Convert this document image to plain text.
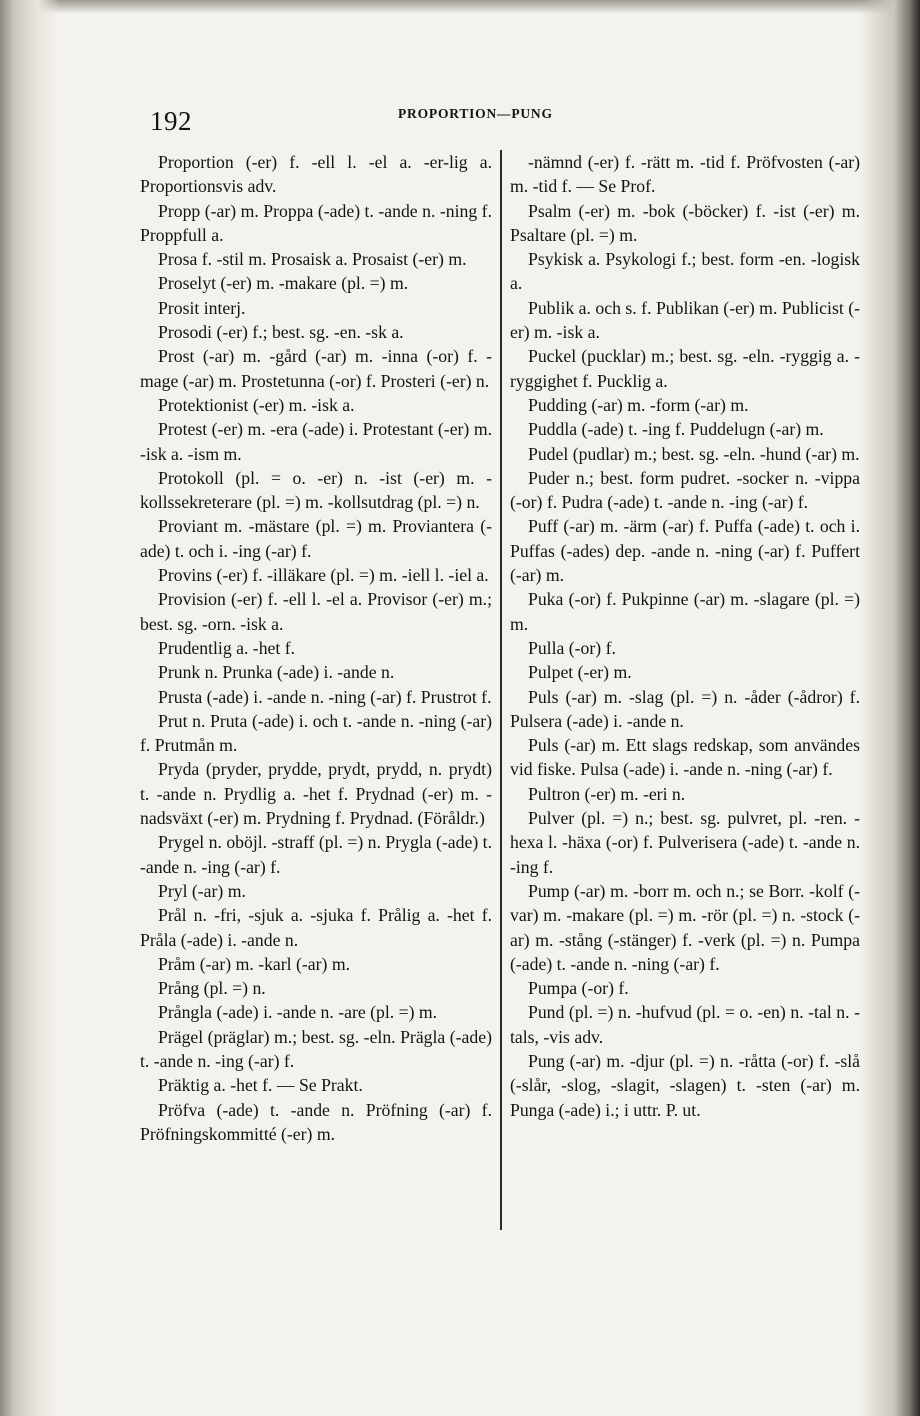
192	PROPORTION—PUNG

Proportion (-er) f. -ell l. -el a. -er-lig a. Proportionsvis adv.

Propp (-ar) m. Proppa (-ade) t. -ande n. -ning f. Proppfull a.

Prosa f. -stil m. Prosaisk a. Prosaist (-er) m.

Proselyt (-er) m. -makare (pl. =) m.

Prosit interj.

Prosodi (-er) f.; best. sg. -en. -sk a.

Prost (-ar) m. -gård (-ar) m. -inna (-or) f. -mage (-ar) m. Prostetunna (-or) f. Prosteri (-er) n.

Protektionist (-er) m. -isk a.

Protest (-er) m. -era (-ade) i. Protestant (-er) m. -isk a. -ism m.

Protokoll (pl. = o. -er) n. -ist (-er) m. -kollssekreterare (pl. =) m. -kollsutdrag (pl. =) n.

Proviant m. -mästare (pl. =) m. Proviantera (-ade) t. och i. -ing (-ar) f.

Provins (-er) f. -illäkare (pl. =) m. -iell l. -iel a.

Provision (-er) f. -ell l. -el a. Provisor (-er) m.; best. sg. -orn. -isk a.

Prudentlig a. -het f.

Prunk n. Prunka (-ade) i. -ande n.

Prusta (-ade) i. -ande n. -ning (-ar) f. Prustrot f.

Prut n. Pruta (-ade) i. och t. -ande n. -ning (-ar) f. Prutmån m.

Pryda (pryder, prydde, prydt, prydd, n. prydt) t. -ande n. Prydlig a. -het f. Prydnad (-er) m. -nadsväxt (-er) m. Prydning f. Prydnad. (Föråldr.)

Prygel n. oböjl. -straff (pl. =) n. Prygla (-ade) t. -ande n. -ing (-ar) f.

Pryl (-ar) m.

Prål n. -fri, -sjuk a. -sjuka f. Prålig a. -het f. Pråla (-ade) i. -ande n.

Pråm (-ar) m. -karl (-ar) m.

Prång (pl. =) n.

Prångla (-ade) i. -ande n. -are (pl. =) m.

Prägel (präglar) m.; best. sg. -eln. Prägla (-ade) t. -ande n. -ing (-ar) f.

Präktig a. -het f. — Se Prakt.

Pröfva (-ade) t. -ande n. Pröfning (-ar) f. Pröfningskommitté (-er) m.

-nämnd (-er) f. -rätt m. -tid f. Pröfvosten (-ar) m. -tid f. — Se Prof.

Psalm (-er) m. -bok (-böcker) f. -ist (-er) m. Psaltare (pl. =) m.

Psykisk a. Psykologi f.; best. form -en. -logisk a.

Publik a. och s. f. Publikan (-er) m. Publicist (-er) m. -isk a.

Puckel (pucklar) m.; best. sg. -eln. -ryggig a. -ryggighet f. Pucklig a.

Pudding (-ar) m. -form (-ar) m.

Puddla (-ade) t. -ing f. Puddelugn (-ar) m.

Pudel (pudlar) m.; best. sg. -eln. -hund (-ar) m.

Puder n.; best. form pudret. -socker n. -vippa (-or) f. Pudra (-ade) t. -ande n. -ing (-ar) f.

Puff (-ar) m. -ärm (-ar) f. Puffa (-ade) t. och i. Puffas (-ades) dep. -ande n. -ning (-ar) f. Puffert (-ar) m.

Puka (-or) f. Pukpinne (-ar) m. -slagare (pl. =) m.

Pulla (-or) f.

Pulpet (-er) m.

Puls (-ar) m. -slag (pl. =) n. -åder (-ådror) f. Pulsera (-ade) i. -ande n.

Puls (-ar) m. Ett slags redskap, som användes vid fiske. Pulsa (-ade) i. -ande n. -ning (-ar) f.

Pultron (-er) m. -eri n.

Pulver (pl. =) n.; best. sg. pulvret, pl. -ren. -hexa l. -häxa (-or) f. Pulverisera (-ade) t. -ande n. -ing f.

Pump (-ar) m. -borr m. och n.; se Borr. -kolf (-var) m. -makare (pl. =) m. -rör (pl. =) n. -stock (-ar) m. -stång (-stänger) f. -verk (pl. =) n. Pumpa (-ade) t. -ande n. -ning (-ar) f.

Pumpa (-or) f.

Pund (pl. =) n. -hufvud (pl. = o. -en) n. -tal n. -tals, -vis adv.

Pung (-ar) m. -djur (pl. =) n. -råtta (-or) f. -slå (-slår, -slog, -slagit, -slagen) t. -sten (-ar) m. Punga (-ade) i.; i uttr. P. ut.
